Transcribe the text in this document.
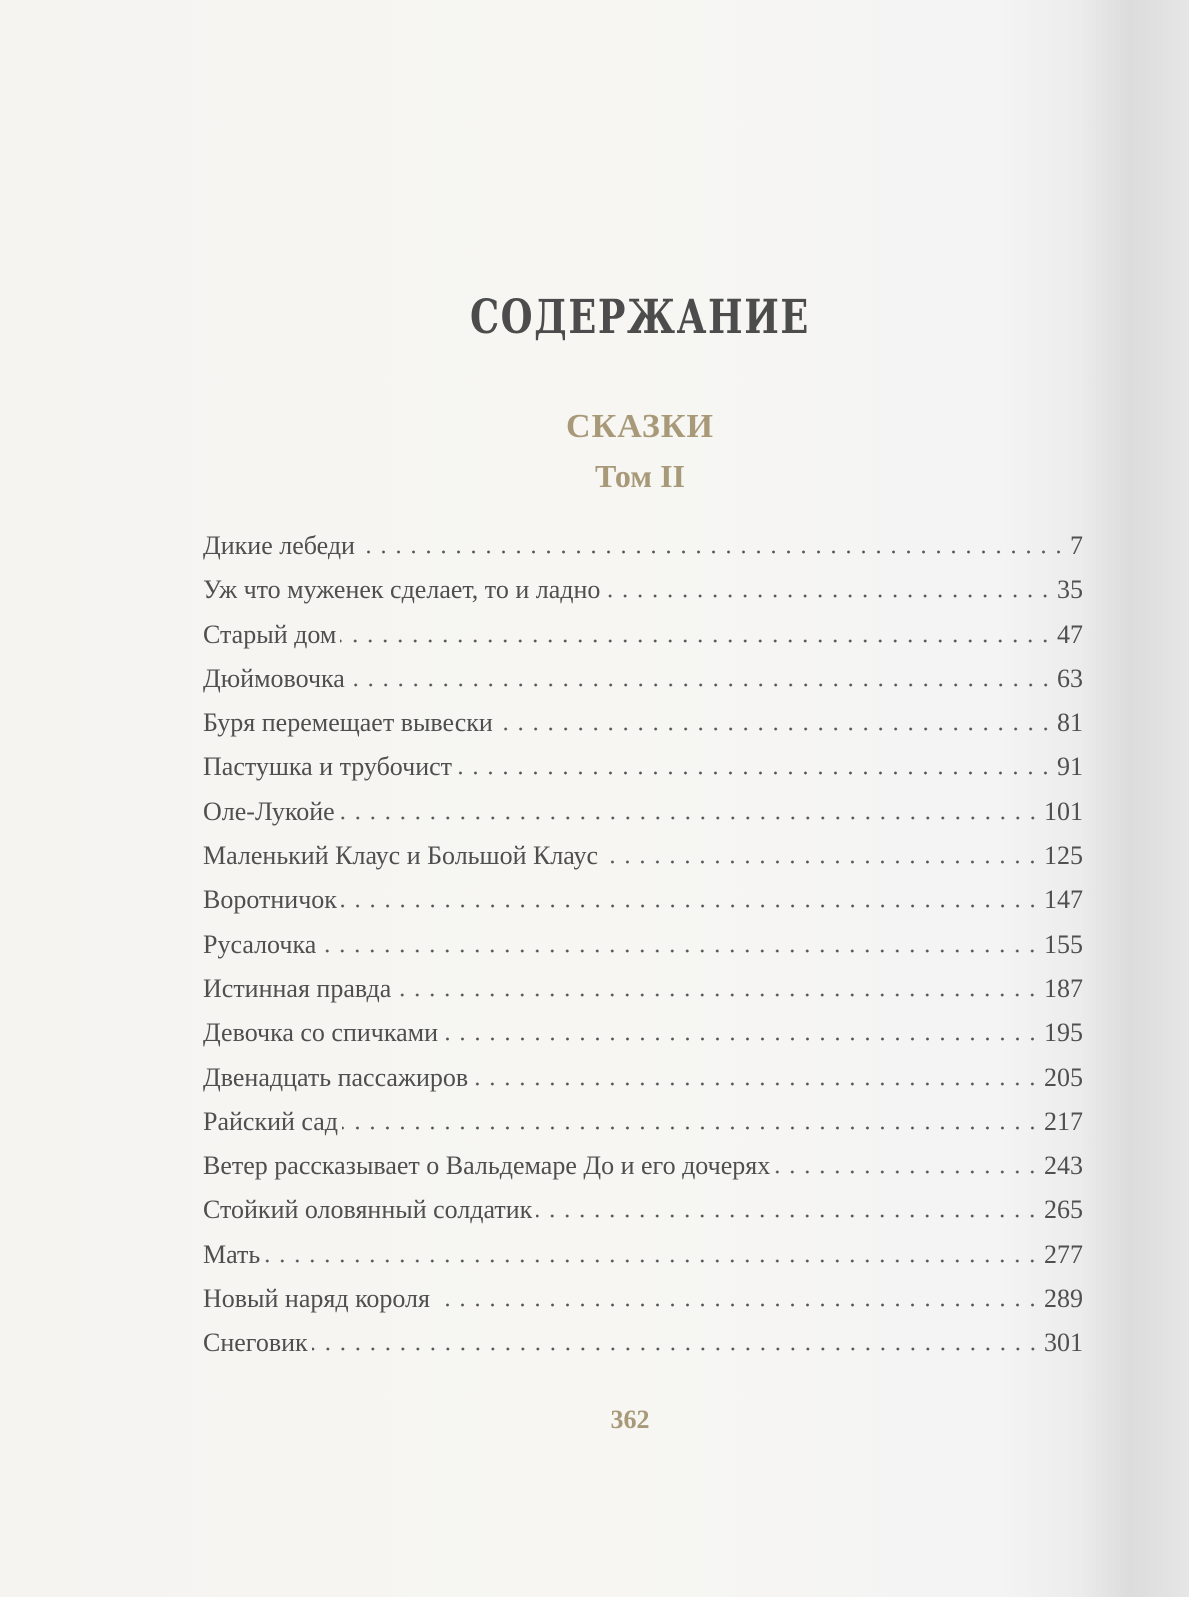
СОДЕРЖАНИЕ
СКАЗКИ
Том II
Дикие лебеди	7
Уж что муженек сделает, то и ладно	35
Старый дом	47
Дюймовочка	63
Буря перемещает вывески	81
Пастушка и трубочист	91
Оле-Лукойе	101
Маленький Клаус и Большой Клаус	125
Воротничок	147
Русалочка	155
Истинная правда	187
Девочка со спичками	195
Двенадцать пассажиров	205
Райский сад	217
Ветер рассказывает о Вальдемаре До и его дочерях	243
Стойкий оловянный солдатик	265
Мать	277
Новый наряд короля	289
Снеговик	301
362
